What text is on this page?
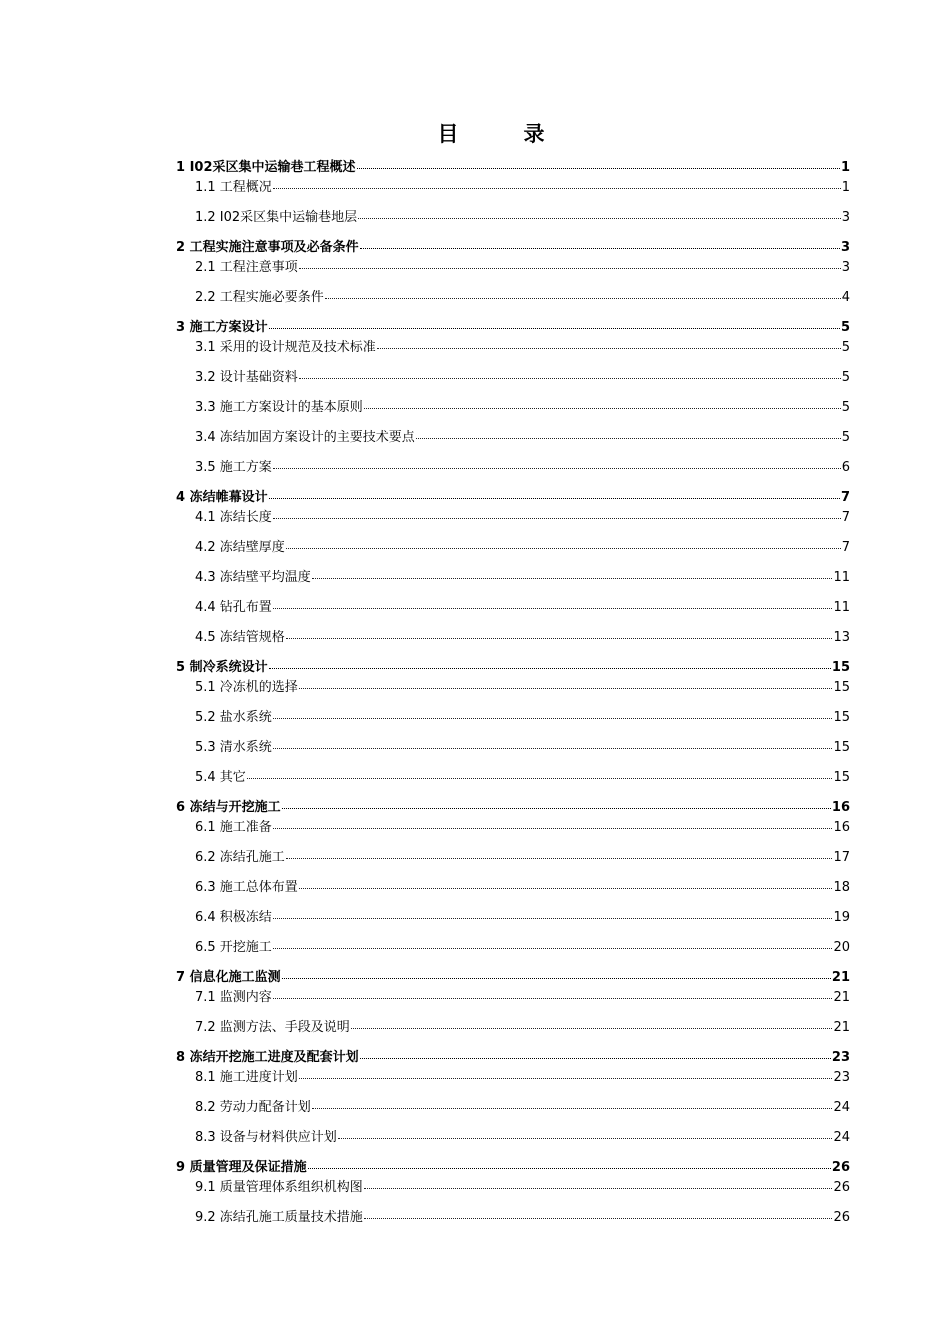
目　录
1 I02采区集中运输巷工程概述	1
1.1 工程概况	1
1.2 I02采区集中运输巷地层	3
2 工程实施注意事项及必备条件	3
2.1 工程注意事项	3
2.2 工程实施必要条件	4
3 施工方案设计	5
3.1 采用的设计规范及技术标准	5
3.2 设计基础资料	5
3.3 施工方案设计的基本原则	5
3.4 冻结加固方案设计的主要技术要点	5
3.5 施工方案	6
4 冻结帷幕设计	7
4.1 冻结长度	7
4.2 冻结壁厚度	7
4.3 冻结壁平均温度	11
4.4 钻孔布置	11
4.5 冻结管规格	13
5 制冷系统设计	15
5.1 冷冻机的选择	15
5.2 盐水系统	15
5.3 清水系统	15
5.4 其它	15
6 冻结与开挖施工	16
6.1 施工准备	16
6.2 冻结孔施工	17
6.3 施工总体布置	18
6.4 积极冻结	19
6.5 开挖施工	20
7 信息化施工监测	21
7.1 监测内容	21
7.2 监测方法、手段及说明	21
8 冻结开挖施工进度及配套计划	23
8.1 施工进度计划	23
8.2 劳动力配备计划	24
8.3 设备与材料供应计划	24
9 质量管理及保证措施	26
9.1 质量管理体系组织机构图	26
9.2 冻结孔施工质量技术措施	26
